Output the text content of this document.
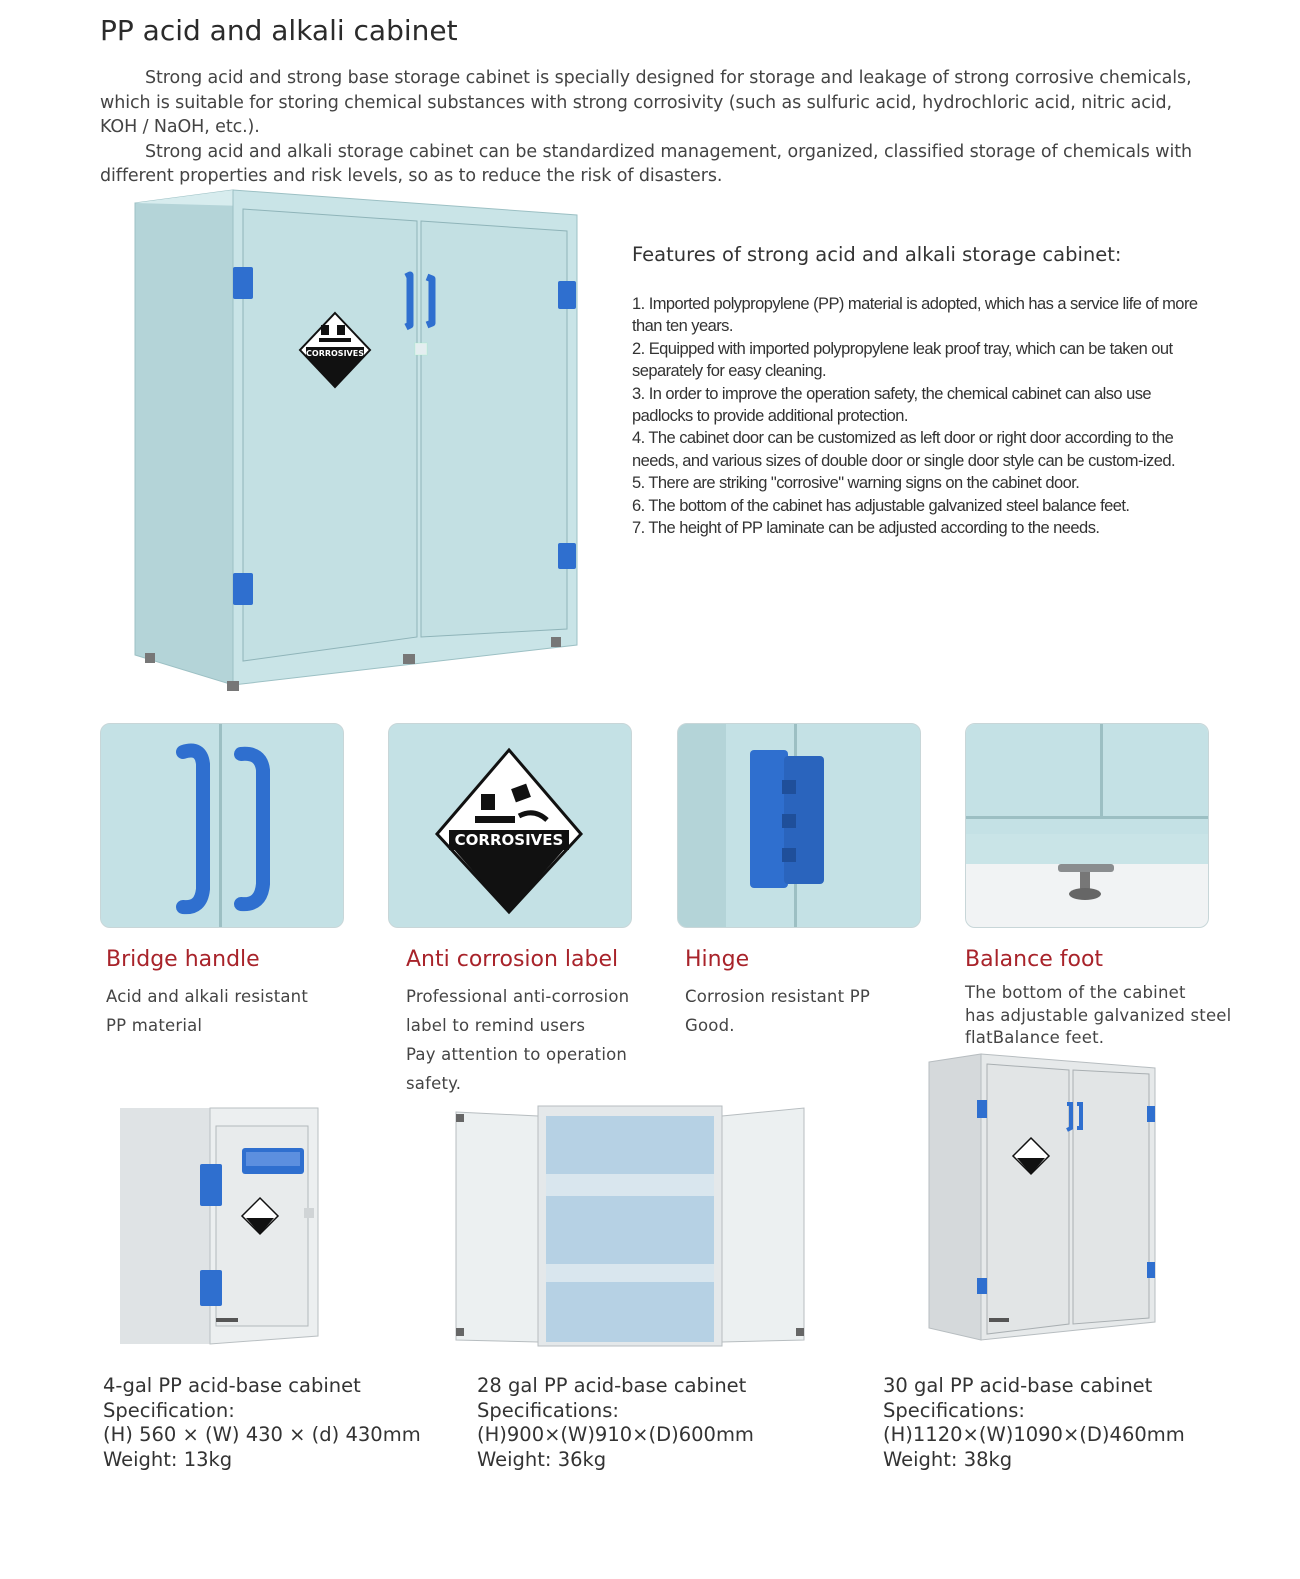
PP acid and alkali cabinet

Strong acid and strong base storage cabinet is specially designed for storage and leakage of strong corrosive chemicals, which is suitable for storing chemical substances with strong corrosivity (such as sulfuric acid, hydrochloric acid, nitric acid, KOH / NaOH, etc.).

Strong acid and alkali storage cabinet can be standardized management, organized, classified storage of chemicals with different properties and risk levels, so as to reduce the risk of disasters.

CORROSIVES
Features of strong acid and alkali storage cabinet:
1. Imported polypropylene (PP) material is adopted, which has a service life of more than ten years.
2. Equipped with imported polypropylene leak proof tray, which can be taken out separately for easy cleaning.
3. In order to improve the operation safety, the chemical cabinet can also use padlocks to provide additional protection.
4. The cabinet door can be customized as left door or right door according to the needs, and various sizes of double door or single door style can be custom-ized.
5. There are striking "corrosive" warning signs on the cabinet door.
6. The bottom of the cabinet has adjustable galvanized steel balance feet.
7. The height of PP laminate can be adjusted according to the needs.
CORROSIVES
Bridge handle
Acid and alkali resistant
PP material
Anti corrosion label
Professional anti-corrosion
label to remind users
Pay attention to operation
safety.
Hinge
Corrosion resistant PP
Good.
Balance foot
The bottom of the cabinet
has adjustable galvanized steel
flatBalance feet.
4-gal PP acid-base cabinet
Specification:
(H) 560 × (W) 430 × (d) 430mm
Weight: 13kg
28 gal PP acid-base cabinet
Specifications:
(H)900×(W)910×(D)600mm
Weight: 36kg
30 gal PP acid-base cabinet
Specifications:
(H)1120×(W)1090×(D)460mm
Weight: 38kg
